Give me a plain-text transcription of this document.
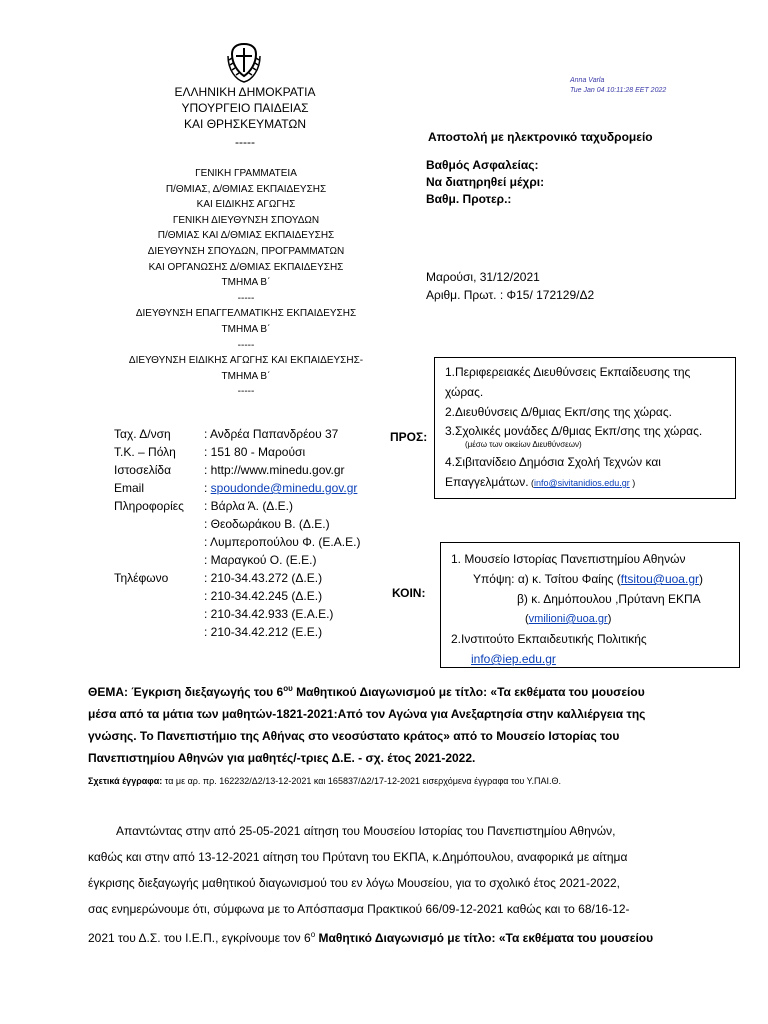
Anna Varla
Tue Jan 04 10:11:28 EET 2022
ΕΛΛΗΝΙΚΗ ΔΗΜΟΚΡΑΤΙΑ
ΥΠΟΥΡΓΕΙΟ ΠΑΙΔΕΙΑΣ
ΚΑΙ ΘΡΗΣΚΕΥΜΑΤΩΝ
-----
ΓΕΝΙΚΗ ΓΡΑΜΜΑΤΕΙΑ
Π/ΘΜΙΑΣ, Δ/ΘΜΙΑΣ ΕΚΠΑΙΔΕΥΣΗΣ
ΚΑΙ ΕΙΔΙΚΗΣ ΑΓΩΓΗΣ
ΓΕΝΙΚΗ ΔΙΕΥΘΥΝΣΗ ΣΠΟΥΔΩΝ
Π/ΘΜΙΑΣ ΚΑΙ Δ/ΘΜΙΑΣ ΕΚΠΑΙΔΕΥΣΗΣ
ΔΙΕΥΘΥΝΣΗ ΣΠΟΥΔΩΝ, ΠΡΟΓΡΑΜΜΑΤΩΝ
ΚΑΙ ΟΡΓΑΝΩΣΗΣ Δ/ΘΜΙΑΣ ΕΚΠΑΙΔΕΥΣΗΣ
ΤΜΗΜΑ Β΄
-----
ΔΙΕΥΘΥΝΣΗ ΕΠΑΓΓΕΛΜΑΤΙΚΗΣ ΕΚΠΑΙΔΕΥΣΗΣ
ΤΜΗΜΑ Β΄
-----
ΔΙΕΥΘΥΝΣΗ ΕΙΔΙΚΗΣ ΑΓΩΓΗΣ ΚΑΙ ΕΚΠΑΙΔΕΥΣΗΣ-
ΤΜΗΜΑ Β΄
-----
Αποστολή με ηλεκτρονικό ταχυδρομείο
Βαθμός Ασφαλείας:
Να διατηρηθεί μέχρι:
Βαθμ. Προτερ.:
Μαρούσι, 31/12/2021
Αριθμ. Πρωτ. : Φ15/ 172129/Δ2
Ταχ. Δ/νση
Τ.Κ. – Πόλη
Ιστοσελίδα
Email
Πληροφορίες
Τηλέφωνο
: Ανδρέα Παπανδρέου 37
: 151 80 - Μαρούσι
: http://www.minedu.gov.gr
: spoudonde@minedu.gov.gr
: Βάρλα Ά. (Δ.Ε.)
: Θεοδωράκου Β. (Δ.Ε.)
: Λυμπεροπούλου Φ. (Ε.Α.Ε.)
: Μαραγκού Ο. (Ε.Ε.)
: 210-34.43.272 (Δ.Ε.)
: 210-34.42.245 (Δ.Ε.)
: 210-34.42.933 (Ε.Α.Ε.)
: 210-34.42.212 (Ε.Ε.)
ΠΡΟΣ:
1.Περιφερειακές Διευθύνσεις Εκπαίδευσης της
χώρας.
2.Διευθύνσεις Δ/θμιας Εκπ/σης της χώρας.
3.Σχολικές μονάδες Δ/θμιας Εκπ/σης της χώρας.
(μέσω των οικείων Διευθύνσεων)
4.Σιβιτανίδειο Δημόσια Σχολή Τεχνών και
Επαγγελμάτων. (info@sivitanidios.edu.gr )
ΚΟΙΝ:
1. Μουσείο Ιστορίας Πανεπιστημίου Αθηνών
Υπόψη: α) κ. Τσίτου Φαίης (ftsitou@uoa.gr)
β) κ. Δημόπουλου ,Πρύτανη ΕΚΠΑ
(vmilioni@uoa.gr)
2.Ινστιτούτο Εκπαιδευτικής Πολιτικής
info@iep.edu.gr
ΘΕΜΑ: Έγκριση διεξαγωγής του $6^{o\upsilon}$ Μαθητικού Διαγωνισμού με τίτλο: «Τα εκθέματα του μουσείου
μέσα από τα μάτια των μαθητών-1821-2021:Από τον Αγώνα για Ανεξαρτησία στην καλλιέργεια της
γνώσης. Το Πανεπιστήμιο της Αθήνας στο νεοσύστατο κράτος» από το Μουσείο Ιστορίας του
Πανεπιστημίου Αθηνών για μαθητές/-τριες Δ.Ε. - σχ. έτος 2021-2022.
Σχετικά έγγραφα: τα με αρ. πρ. 162232/Δ2/13-12-2021 και 165837/Δ2/17-12-2021 εισερχόμενα έγγραφα του Υ.ΠΑΙ.Θ.
Απαντώντας στην από 25-05-2021 αίτηση του Μουσείου Ιστορίας του Πανεπιστημίου Αθηνών,
καθώς και στην από 13-12-2021 αίτηση του Πρύτανη του ΕΚΠΑ, κ.Δημόπουλου, αναφορικά με αίτημα
έγκρισης διεξαγωγής μαθητικού διαγωνισμού του εν λόγω Μουσείου, για το σχολικό έτος 2021-2022,
σας ενημερώνουμε ότι, σύμφωνα με το Απόσπασμα Πρακτικού 66/09-12-2021 καθώς και το 68/16-12-
2021 του Δ.Σ. του Ι.Ε.Π., εγκρίνουμε τον $6^o$ Μαθητικό Διαγωνισμό με τίτλο: «Τα εκθέματα του μουσείου
